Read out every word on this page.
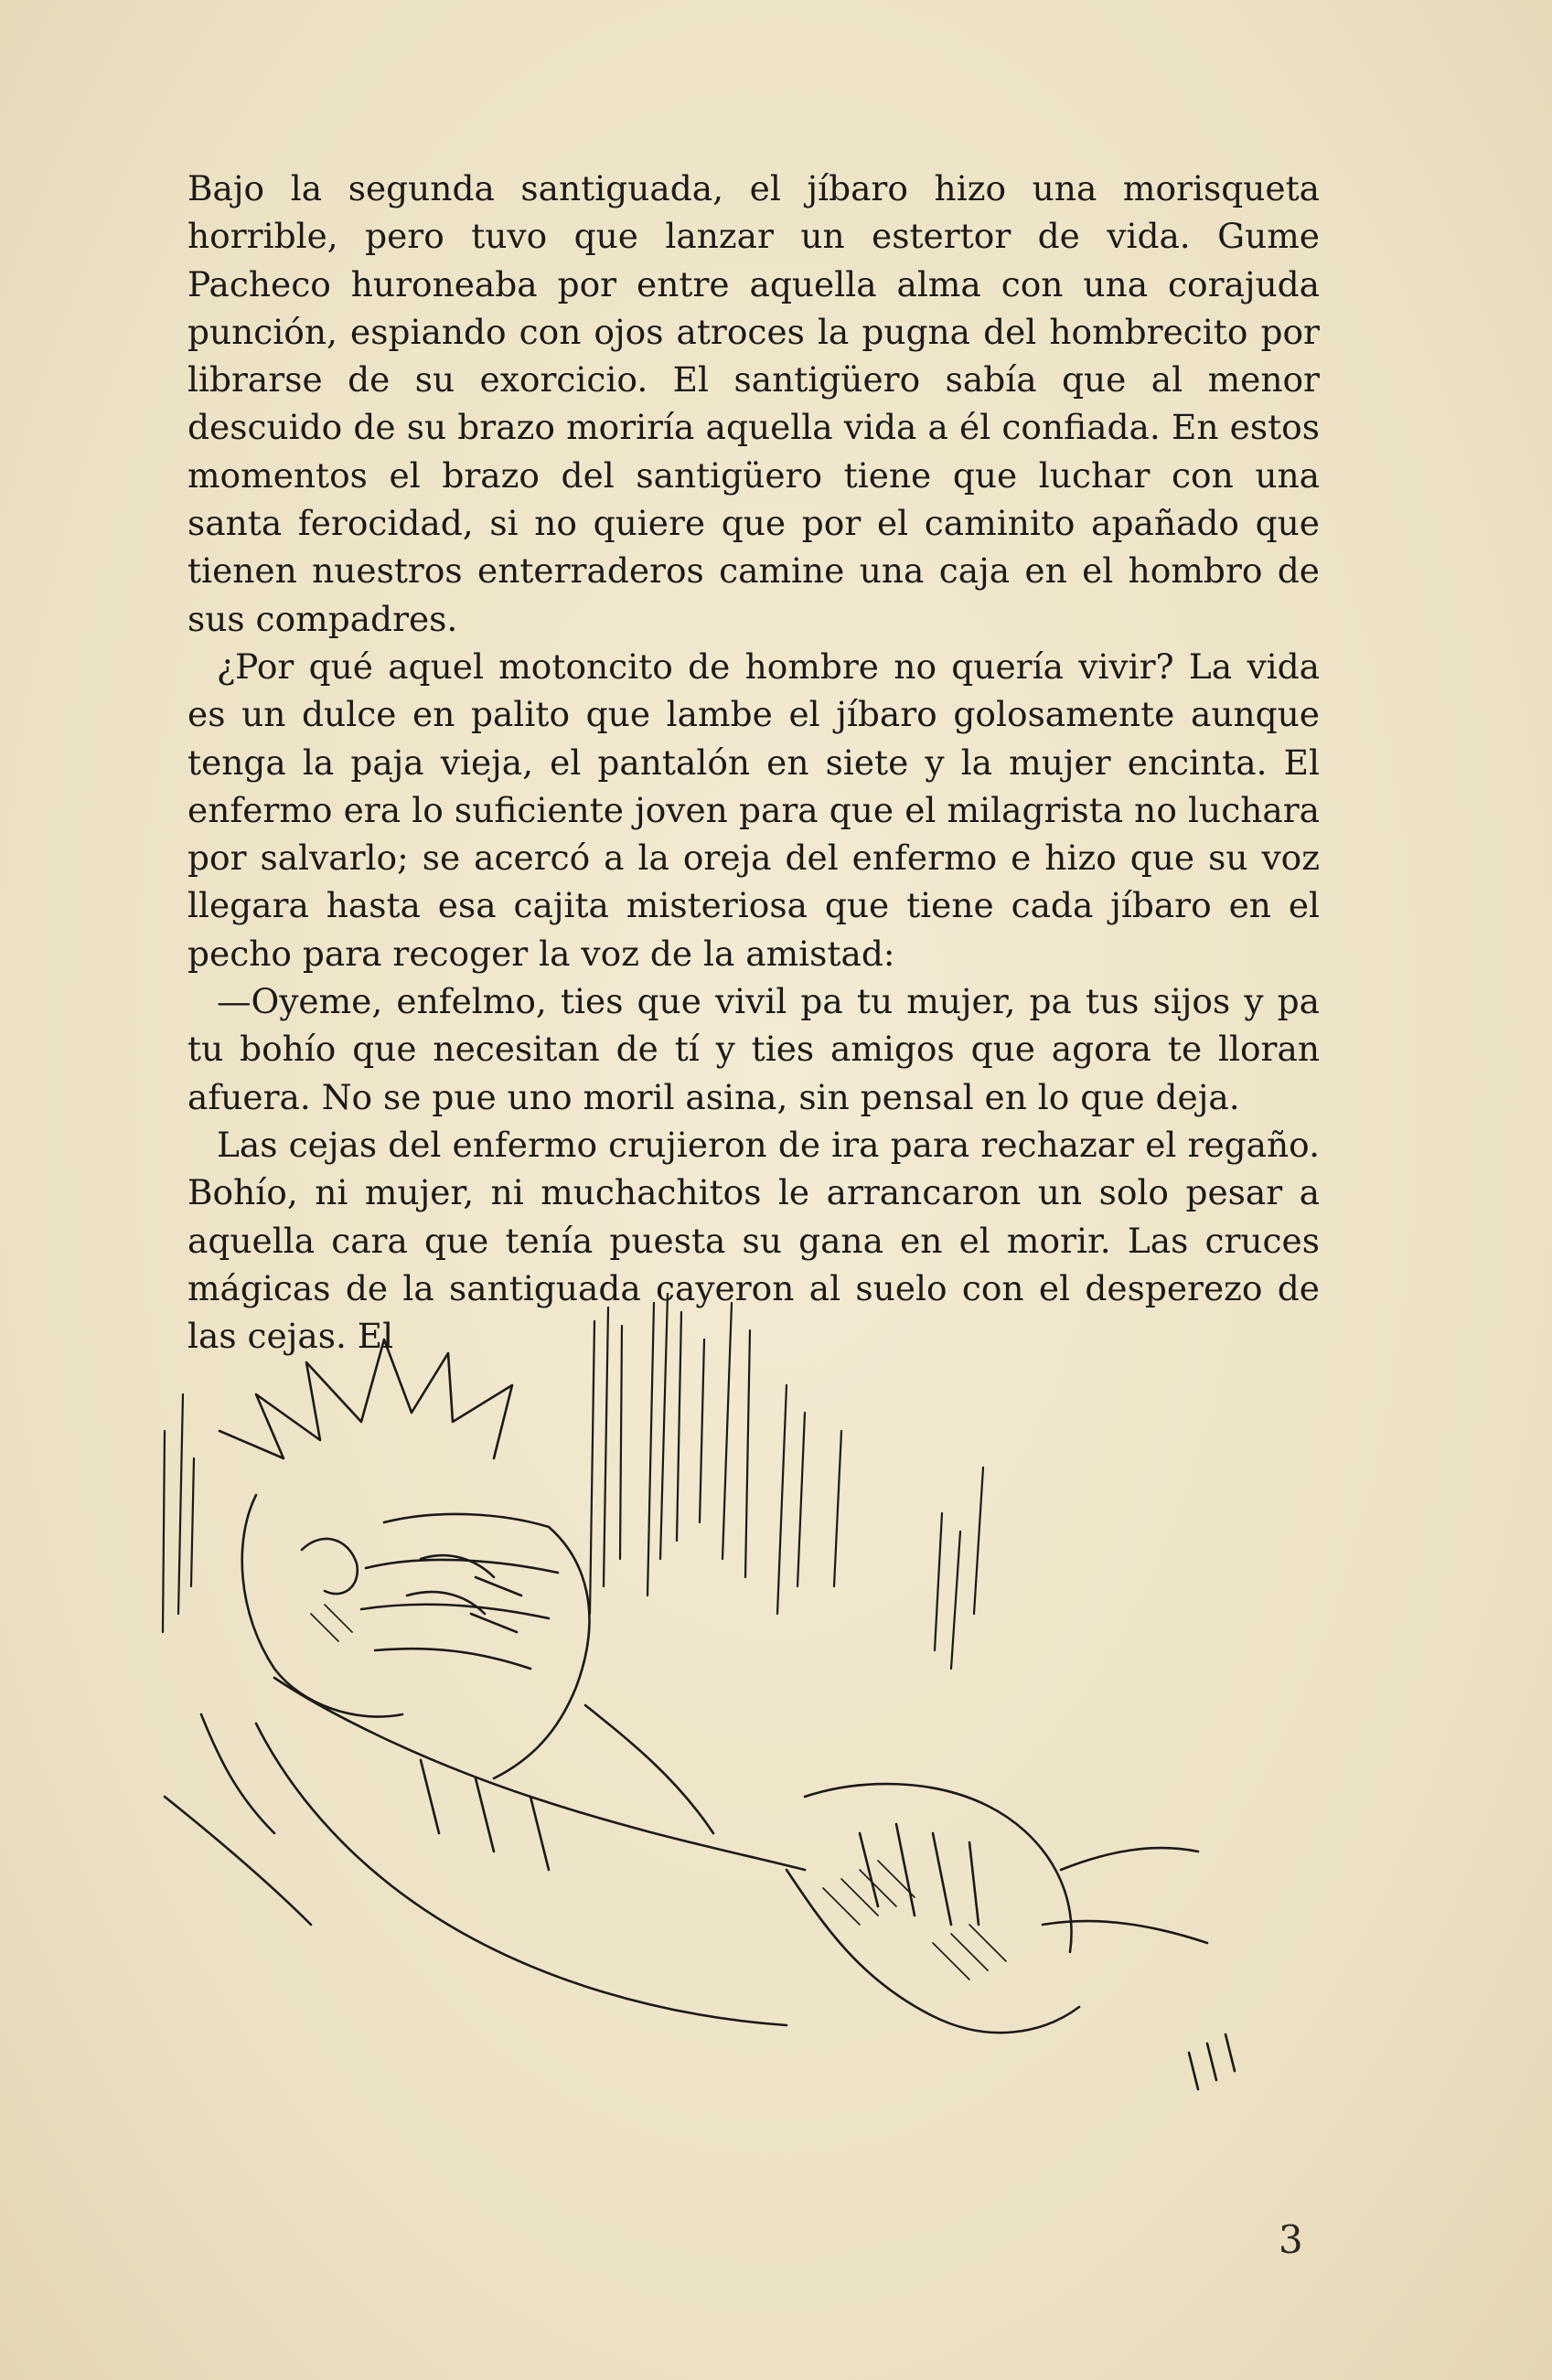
Bajo la segunda santiguada, el jíbaro hizo una morisqueta horrible, pero tuvo que lanzar un estertor de vida. Gume Pacheco huroneaba por entre aquella alma con una corajuda punción, espiando con ojos atroces la pugna del hombrecito por librarse de su exorcicio. El santigüero sabía que al menor descuido de su brazo moriría aquella vida a él confiada. En estos momentos el brazo del santigüero tiene que luchar con una santa ferocidad, si no quiere que por el caminito apañado que tienen nuestros enterraderos camine una caja en el hombro de sus compadres.

¿Por qué aquel motoncito de hombre no quería vivir? La vida es un dulce en palito que lambe el jíbaro golosamente aunque tenga la paja vieja, el pantalón en siete y la mujer encinta. El enfermo era lo suficiente joven para que el milagrista no luchara por salvarlo; se acercó a la oreja del enfermo e hizo que su voz llegara hasta esa cajita misteriosa que tiene cada jíbaro en el pecho para recoger la voz de la amistad:

—Oyeme, enfelmo, ties que vivil pa tu mujer, pa tus sijos y pa tu bohío que necesitan de tí y ties amigos que agora te lloran afuera. No se pue uno moril asina, sin pensal en lo que deja.

Las cejas del enfermo crujieron de ira para rechazar el regaño. Bohío, ni mujer, ni muchachitos le arrancaron un solo pesar a aquella cara que tenía puesta su gana en el morir. Las cruces mágicas de la santiguada cayeron al suelo con el desperezo de las cejas. El

3
